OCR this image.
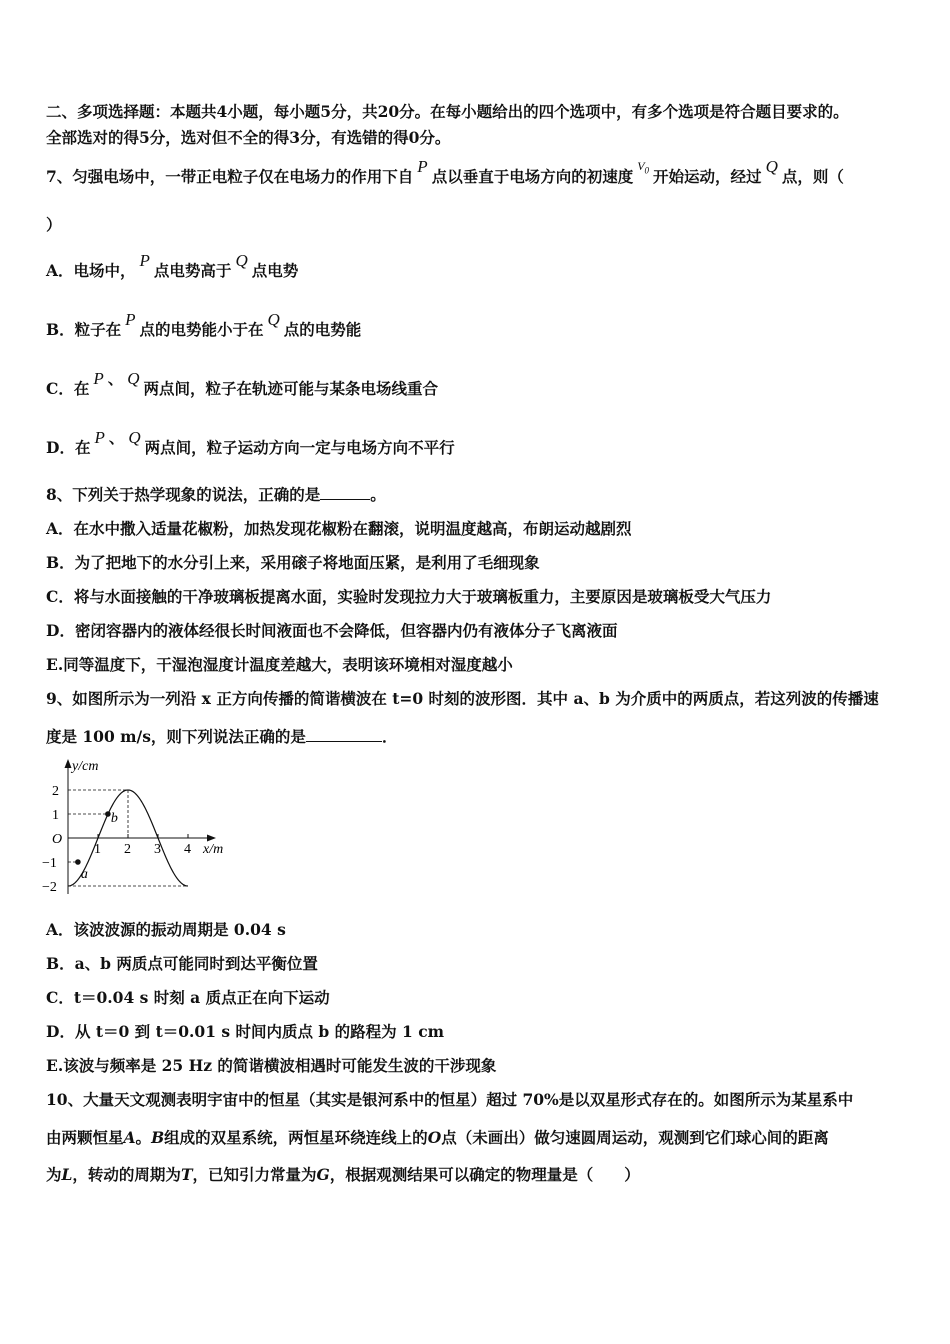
二、多项选择题：本题共4小题，每小题5分，共20分。在每小题给出的四个选项中，有多个选项是符合题目要求的。
全部选对的得5分，选对但不全的得3分，有选错的得0分。
7、匀强电场中，一带正电粒子仅在电场力的作用下自P点以垂直于电场方向的初速度$^{V_0}$ 开始运动，经过Q点，则（
）
A．电场中，P点电势高于Q点电势
B．粒子在P点的电势能小于在Q点的电势能
C．在P 、 Q两点间，粒子在轨迹可能与某条电场线重合
D．在P 、 Q两点间，粒子运动方向一定与电场方向不平行
8、下列关于热学现象的说法，正确的是	。
A．在水中撒入适量花椒粉，加热发现花椒粉在翻滚，说明温度越高，布朗运动越剧烈
B．为了把地下的水分引上来，采用磙子将地面压紧，是利用了毛细现象
C．将与水面接触的干净玻璃板提离水面，实验时发现拉力大于玻璃板重力，主要原因是玻璃板受大气压力
D．密闭容器内的液体经很长时间液面也不会降低，但容器内仍有液体分子飞离液面
E.同等温度下，干湿泡湿度计温度差越大，表明该环境相对湿度越小
9、如图所示为一列沿 x 正方向传播的简谐横波在 t=0 时刻的波形图．其中 a、b 为介质中的两质点，若这列波的传播速
度是 100 m/s，则下列说法正确的是	．
1 2 3 4
2
1
−1
−2
O
y/cm
x/m
a
b
A．该波波源的振动周期是 0.04 s
B．a、b 两质点可能同时到达平衡位置
C．t＝0.04 s 时刻 a 质点正在向下运动
D．从 t＝0 到 t＝0.01 s 时间内质点 b 的路程为 1 cm
E.该波与频率是 25 Hz 的简谐横波相遇时可能发生波的干涉现象
10、大量天文观测表明宇宙中的恒星（其实是银河系中的恒星）超过 70%是以双星形式存在的。如图所示为某星系中
由两颗恒星A。B组成的双星系统，两恒星环绕连线上的O点（未画出）做匀速圆周运动，观测到它们球心间的距离
为L，转动的周期为T，已知引力常量为G，根据观测结果可以确定的物理量是（　　）
